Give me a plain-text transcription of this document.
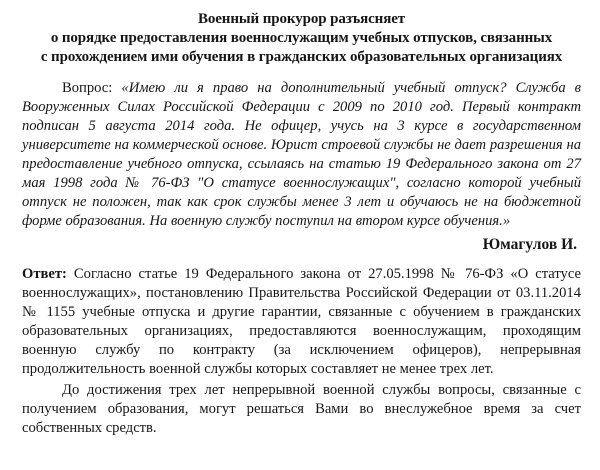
Военный прокурор разъясняет
о порядке предоставления военнослужащим учебных отпусков, связанных
с прохождением ими обучения в гражданских образовательных организациях
Вопрос: «Имею ли я право на дополнительный учебный отпуск? Служба в Вооруженных Силах Российской Федерации с 2009 по 2010 год. Первый контракт подписан 5 августа 2014 года. Не офицер, учусь на 3 курсе в государственном университете на коммерческой основе. Юрист строевой службы не дает разрешения на предоставление учебного отпуска, ссылаясь на статью 19 Федерального закона от 27 мая 1998 года № 76-ФЗ "О статусе военнослужащих", согласно которой учебный отпуск не положен, так как срок службы менее 3 лет и обучаюсь не на бюджетной форме образования. На военную службу поступил на втором курсе обучения.»
Юмагулов И.
Ответ: Согласно статье 19 Федерального закона от 27.05.1998 № 76-ФЗ «О статусе военнослужащих», постановлению Правительства Российской Федерации от 03.11.2014 № 1155 учебные отпуска и другие гарантии, связанные с обучением в гражданских образовательных организациях, предоставляются военнослужащим, проходящим военную службу по контракту (за исключением офицеров), непрерывная продолжительность военной службы которых составляет не менее трех лет.
До достижения трех лет непрерывной военной службы вопросы, связанные с получением образования, могут решаться Вами во внеслужебное время за счет собственных средств.
